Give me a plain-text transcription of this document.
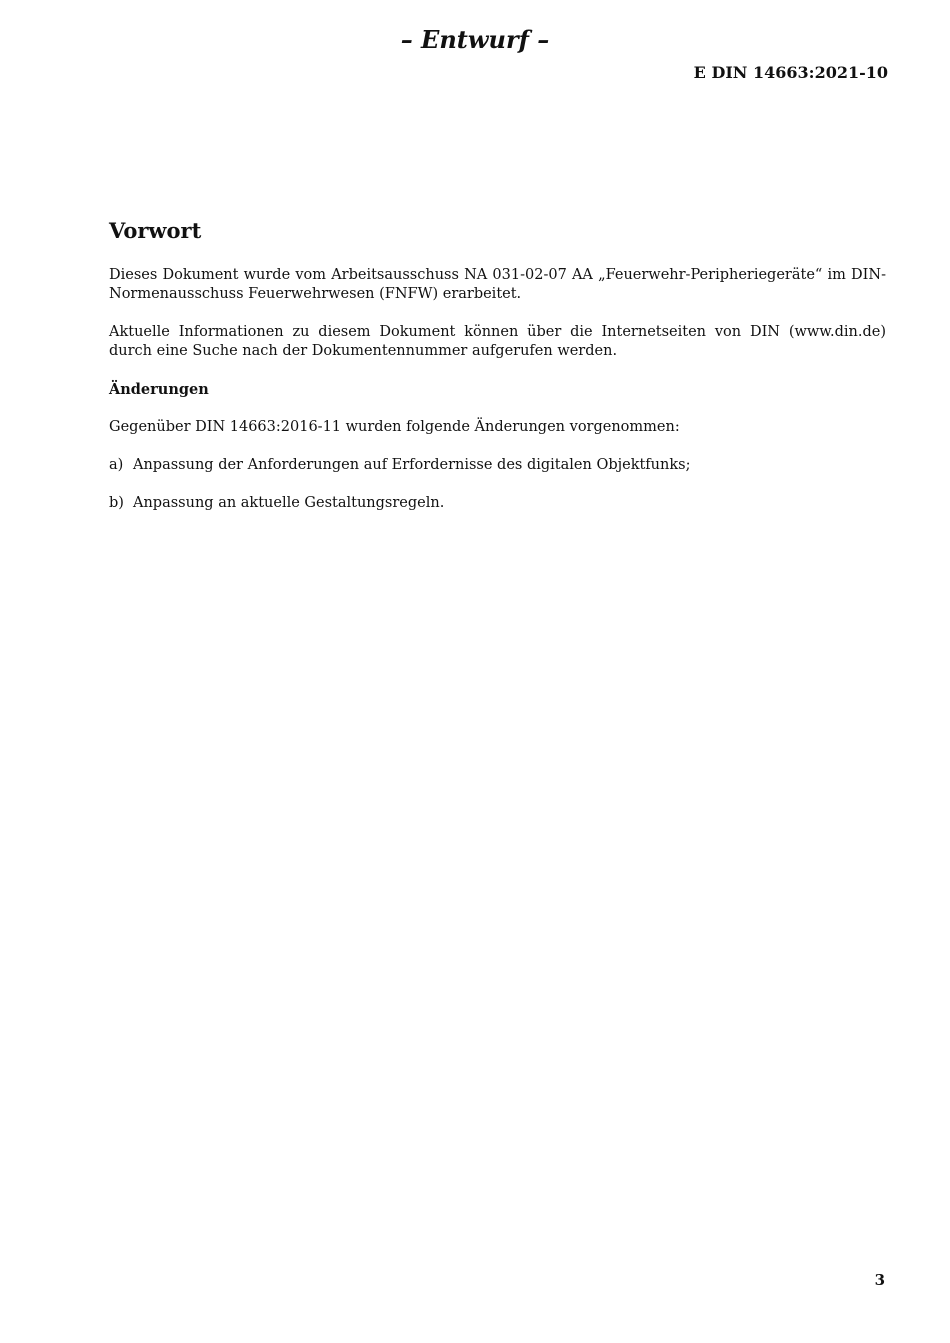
– Entwurf –
E DIN 14663:2021-10
Vorwort

Dieses Dokument wurde vom Arbeitsausschuss NA 031-02-07 AA „Feuerwehr-Peripheriegeräte“ im DIN-Normenausschuss Feuerwehrwesen (FNFW) erarbeitet.

Aktuelle Informationen zu diesem Dokument können über die Internetseiten von DIN (www.din.de) durch eine Suche nach der Dokumentennummer aufgerufen werden.

Änderungen

Gegenüber DIN 14663:2016-11 wurden folgende Änderungen vorgenommen:

a) Anpassung der Anforderungen auf Erfordernisse des digitalen Objektfunks;
b) Anpassung an aktuelle Gestaltungsregeln.
3
